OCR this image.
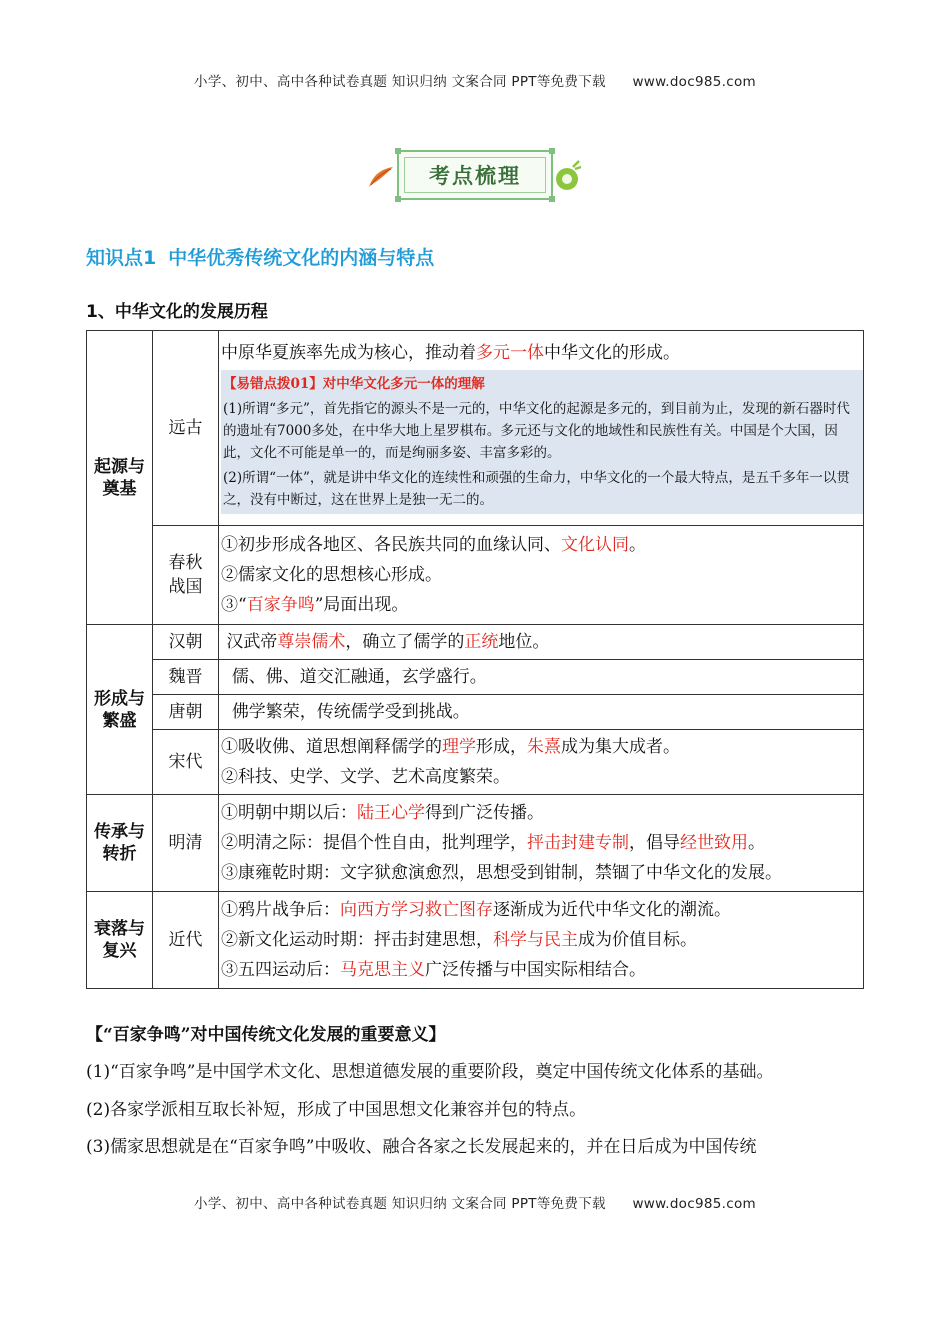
小学、初中、高中各种试卷真题 知识归纳 文案合同 PPT等免费下载 www.doc985.com
考点梳理
知识点1 中华优秀传统文化的内涵与特点
1、中华文化的发展历程
起源与奠基	远古	中原华夏族率先成为核心，推动着多元一体中华文化的形成。
【易错点拨01】对中华文化多元一体的理解
(1)所谓“多元”，首先指它的源头不是一元的，中华文化的起源是多元的，到目前为止，发现的新石器时代的遗址有7000多处，在中华大地上星罗棋布。多元还与文化的地域性和民族性有关。中国是个大国，因此，文化不可能是单一的，而是绚丽多姿、丰富多彩的。
(2)所谓“一体”，就是讲中华文化的连续性和顽强的生命力，中华文化的一个最大特点，是五千多年一以贯之，没有中断过，这在世界上是独一无二的。

	春秋战国	①初步形成各地区、各民族共同的血缘认同、文化认同。
②儒家文化的思想核心形成。
③“百家争鸣”局面出现。

形成与繁盛	汉朝	汉武帝尊崇儒术，确立了儒学的正统地位。

	魏晋	儒、佛、道交汇融通，玄学盛行。

	唐朝	佛学繁荣，传统儒学受到挑战。

	宋代	①吸收佛、道思想阐释儒学的理学形成，朱熹成为集大成者。
②科技、史学、文学、艺术高度繁荣。

传承与转折	明清	①明朝中期以后：陆王心学得到广泛传播。
②明清之际：提倡个性自由，批判理学，抨击封建专制，倡导经世致用。
③康雍乾时期：文字狱愈演愈烈，思想受到钳制，禁锢了中华文化的发展。

衰落与复兴	近代	①鸦片战争后：向西方学习救亡图存逐渐成为近代中华文化的潮流。
②新文化运动时期：抨击封建思想，科学与民主成为价值目标。
③五四运动后：马克思主义广泛传播与中国实际相结合。
【“百家争鸣”对中国传统文化发展的重要意义】
(1)“百家争鸣”是中国学术文化、思想道德发展的重要阶段，奠定中国传统文化体系的基础。
(2)各家学派相互取长补短，形成了中国思想文化兼容并包的特点。
(3)儒家思想就是在“百家争鸣”中吸收、融合各家之长发展起来的，并在日后成为中国传统
小学、初中、高中各种试卷真题 知识归纳 文案合同 PPT等免费下载 www.doc985.com
